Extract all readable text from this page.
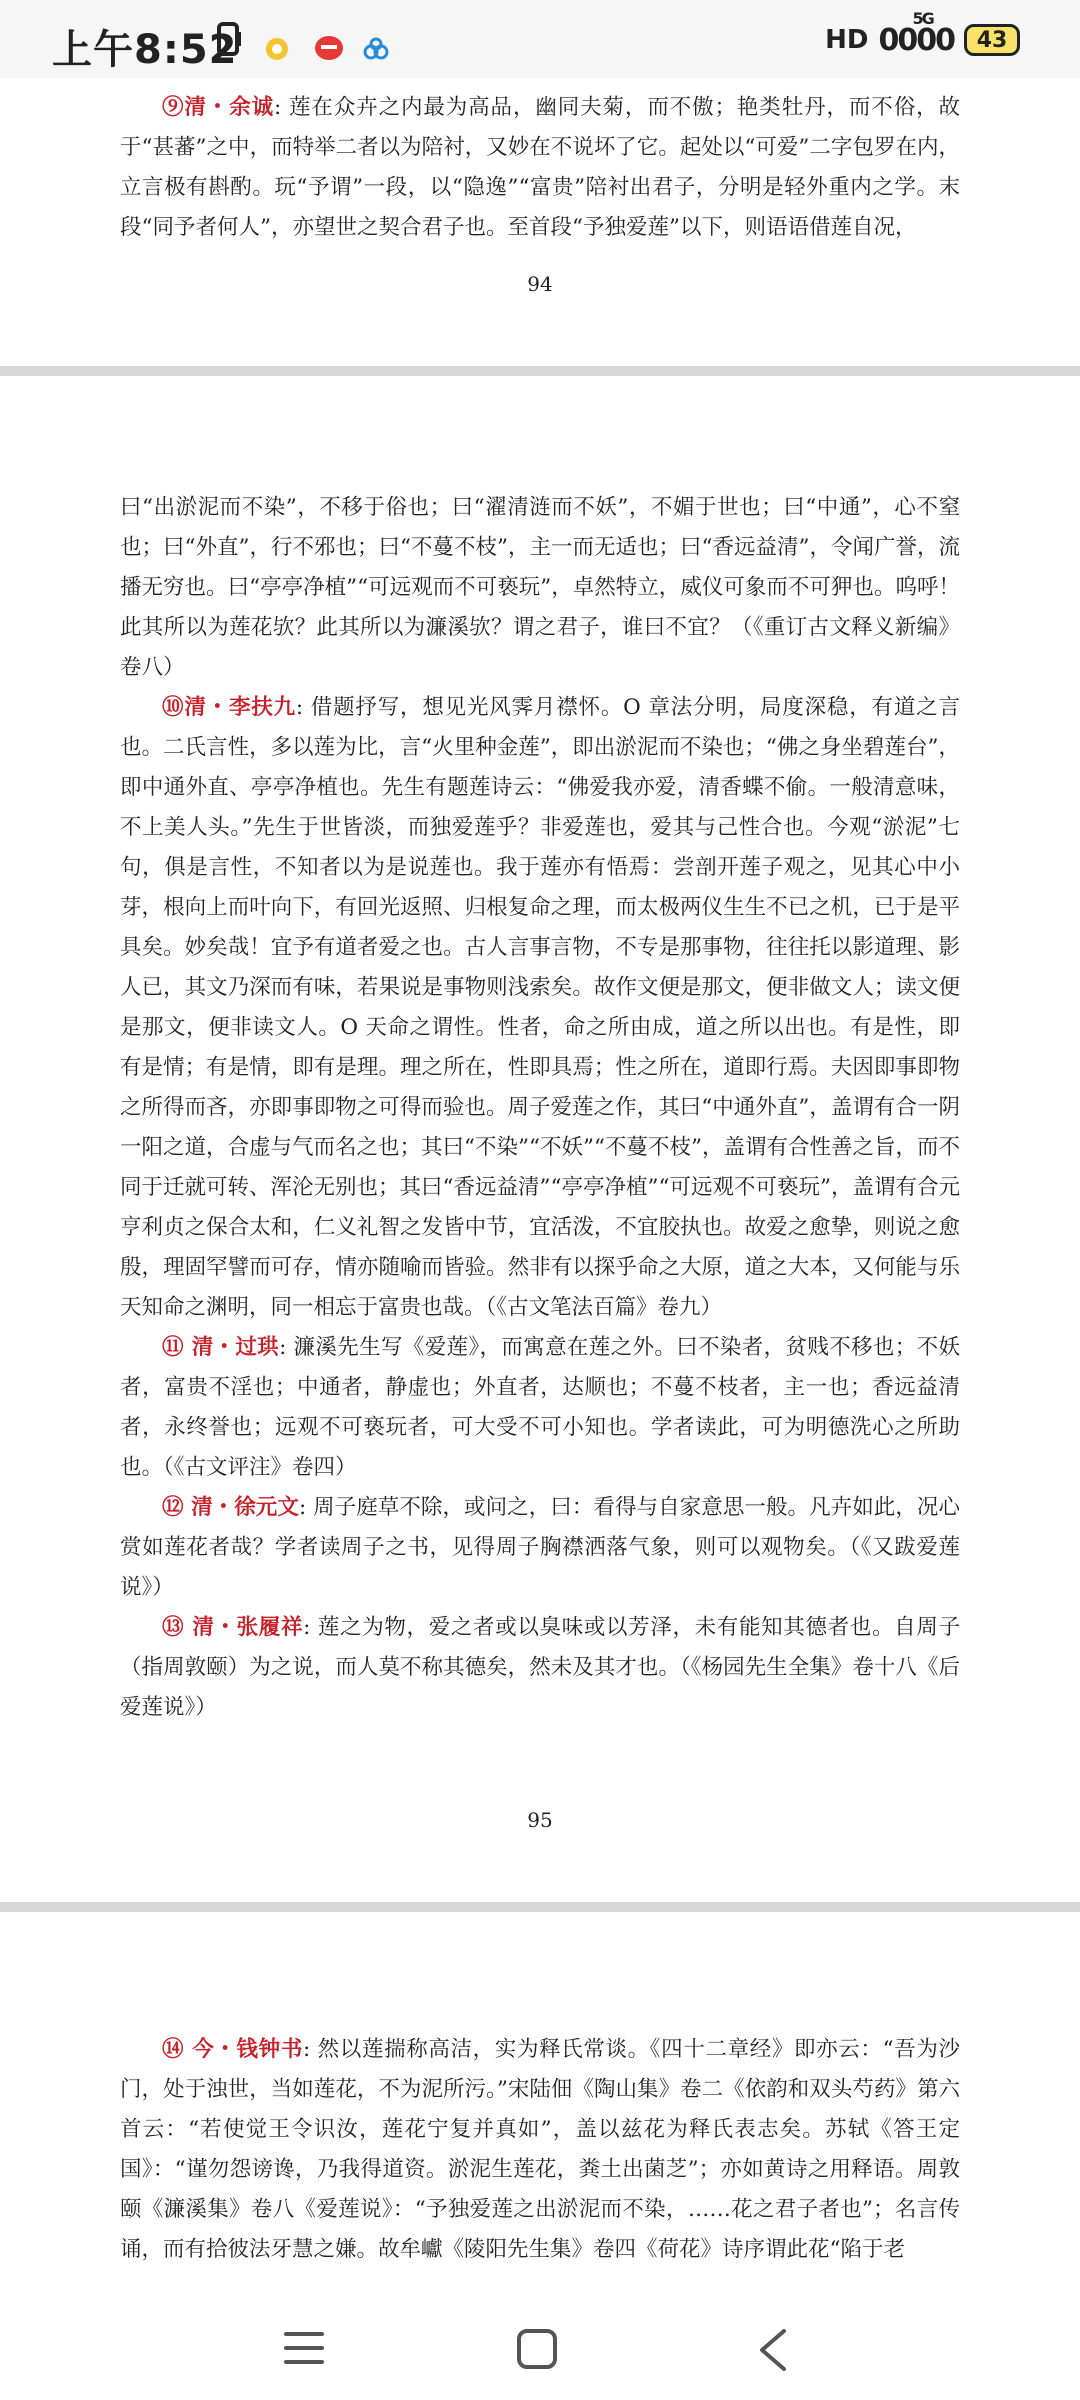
上午8:52	HD
5G
0000 43

⑨清・余诚: 莲在众卉之内最为高品，幽同夫菊，而不傲；艳类牡丹，而不俗，故于“甚蕃”之中，而特举二者以为陪衬，又妙在不说坏了它。起处以“可爱”二字包罗在内，立言极有斟酌。玩“予谓”一段，以“隐逸”“富贵”陪衬出君子，分明是轻外重内之学。末段“同予者何人”，亦望世之契合君子也。至首段“予独爱莲”以下，则语语借莲自况，

94

曰“出淤泥而不染”，不移于俗也；曰“濯清涟而不妖”，不媚于世也；曰“中通”，心不窒也；曰“外直”，行不邪也；曰“不蔓不枝”，主一而无适也；曰“香远益清”，令闻广誉，流播无穷也。曰“亭亭净植”“可远观而不可亵玩”，卓然特立，威仪可象而不可狎也。呜呼！此其所以为莲花欤？此其所以为濂溪欤？谓之君子，谁曰不宜？（《重订古文释义新编》卷八）

⑩清・李扶九: 借题抒写，想见光风霁月襟怀。O 章法分明，局度深稳，有道之言也。二氏言性，多以莲为比，言“火里种金莲”，即出淤泥而不染也；“佛之身坐碧莲台”，即中通外直、亭亭净植也。先生有题莲诗云：“佛爱我亦爱，清香蝶不偷。一般清意味，不上美人头。”先生于世皆淡，而独爱莲乎？非爱莲也，爱其与己性合也。今观“淤泥”七句，俱是言性，不知者以为是说莲也。我于莲亦有悟焉：尝剖开莲子观之，见其心中小芽，根向上而叶向下，有回光返照、归根复命之理，而太极两仪生生不已之机，已于是平具矣。妙矣哉！宜予有道者爱之也。古人言事言物，不专是那事物，往往托以影道理、影人已，其文乃深而有味，若果说是事物则浅索矣。故作文便是那文，便非做文人；读文便是那文，便非读文人。O 天命之谓性。性者，命之所由成，道之所以出也。有是性，即有是情；有是情，即有是理。理之所在，性即具焉；性之所在，道即行焉。夫因即事即物之所得而吝，亦即事即物之可得而验也。周子爱莲之作，其曰“中通外直”，盖谓有合一阴一阳之道，合虚与气而名之也；其曰“不染”“不妖”“不蔓不枝”，盖谓有合性善之旨，而不同于迁就可转、浑沦无别也；其曰“香远益清”“亭亭净植”“可远观不可亵玩”，盖谓有合元亨利贞之保合太和，仁义礼智之发皆中节，宜活泼，不宜胶执也。故爱之愈挚，则说之愈殷，理固罕譬而可存，情亦随喻而皆验。然非有以探乎命之大原，道之大本，又何能与乐天知命之渊明，同一相忘于富贵也哉。（《古文笔法百篇》卷九）

⑪ 清・过珙: 濂溪先生写《爱莲》，而寓意在莲之外。曰不染者，贫贱不移也；不妖者，富贵不淫也；中通者，静虚也；外直者，达顺也；不蔓不枝者，主一也；香远益清者，永终誉也；远观不可亵玩者，可大受不可小知也。学者读此，可为明德洗心之所助也。（《古文评注》卷四）

⑫ 清・徐元文: 周子庭草不除，或问之，曰：看得与自家意思一般。凡卉如此，况心赏如莲花者哉？学者读周子之书，见得周子胸襟洒落气象，则可以观物矣。（《又跋爱莲说》）

⑬ 清・张履祥: 莲之为物，爱之者或以臭味或以芳泽，未有能知其德者也。自周子（指周敦颐）为之说，而人莫不称其德矣，然未及其才也。（《杨园先生全集》卷十八《后爱莲说》）

95

⑭ 今・钱钟书: 然以莲揣称高洁，实为释氏常谈。《四十二章经》即亦云：“吾为沙门，处于浊世，当如莲花，不为泥所污。”宋陆佃《陶山集》卷二《依韵和双头芍药》第六首云：“若使觉王令识汝，莲花宁复并真如”，盖以兹花为释氏表志矣。苏轼《答王定国》：“谨勿怨谤谗，乃我得道资。淤泥生莲花，粪土出菌芝”；亦如黄诗之用释语。周敦颐《濂溪集》卷八《爱莲说》：“予独爱莲之出淤泥而不染，……花之君子者也”；名言传诵，而有拾彼法牙慧之嫌。故牟巘《陵阳先生集》卷四《荷花》诗序谓此花“陷于老
